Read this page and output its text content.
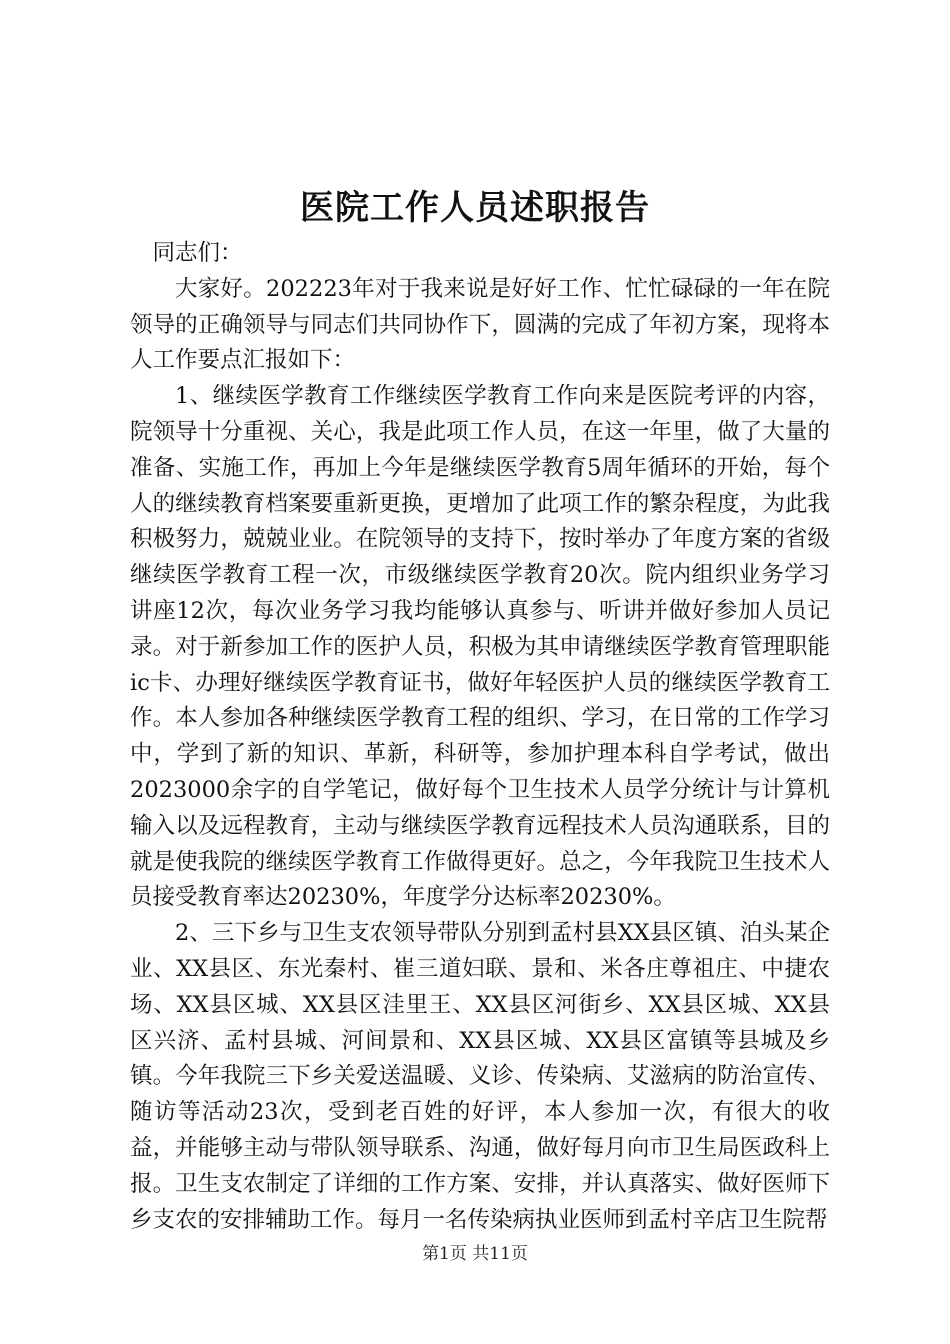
医院工作人员述职报告

同志们：

大家好。202223年对于我来说是好好工作、忙忙碌碌的一年在院领导的正确领导与同志们共同协作下，圆满的完成了年初方案，现将本人工作要点汇报如下：

1、继续医学教育工作继续医学教育工作向来是医院考评的内容，院领导十分重视、关心，我是此项工作人员，在这一年里，做了大量的准备、实施工作，再加上今年是继续医学教育5周年循环的开始，每个人的继续教育档案要重新更换，更增加了此项工作的繁杂程度，为此我积极努力，兢兢业业。在院领导的支持下，按时举办了年度方案的省级继续医学教育工程一次，市级继续医学教育20次。院内组织业务学习讲座12次，每次业务学习我均能够认真参与、听讲并做好参加人员记录。对于新参加工作的医护人员，积极为其申请继续医学教育管理职能ic卡、办理好继续医学教育证书，做好年轻医护人员的继续医学教育工作。本人参加各种继续医学教育工程的组织、学习，在日常的工作学习中，学到了新的知识、革新，科研等，参加护理本科自学考试，做出2023000余字的自学笔记，做好每个卫生技术人员学分统计与计算机输入以及远程教育，主动与继续医学教育远程技术人员沟通联系，目的就是使我院的继续医学教育工作做得更好。总之，今年我院卫生技术人员接受教育率达20230%，年度学分达标率20230%。

2、三下乡与卫生支农领导带队分别到孟村县XX县区镇、泊头某企业、XX县区、东光秦村、崔三道妇联、景和、米各庄尊祖庄、中捷农场、XX县区城、XX县区洼里王、XX县区河街乡、XX县区城、XX县区兴济、孟村县城、河间景和、XX县区城、XX县区富镇等县城及乡镇。今年我院三下乡关爱送温暖、义诊、传染病、艾滋病的防治宣传、随访等活动23次，受到老百姓的好评，本人参加一次，有很大的收益，并能够主动与带队领导联系、沟通，做好每月向市卫生局医政科上报。卫生支农制定了详细的工作方案、安排，并认真落实、做好医师下乡支农的安排辅助工作。每月一名传染病执业医师到孟村辛店卫生院帮

第1页 共11页
